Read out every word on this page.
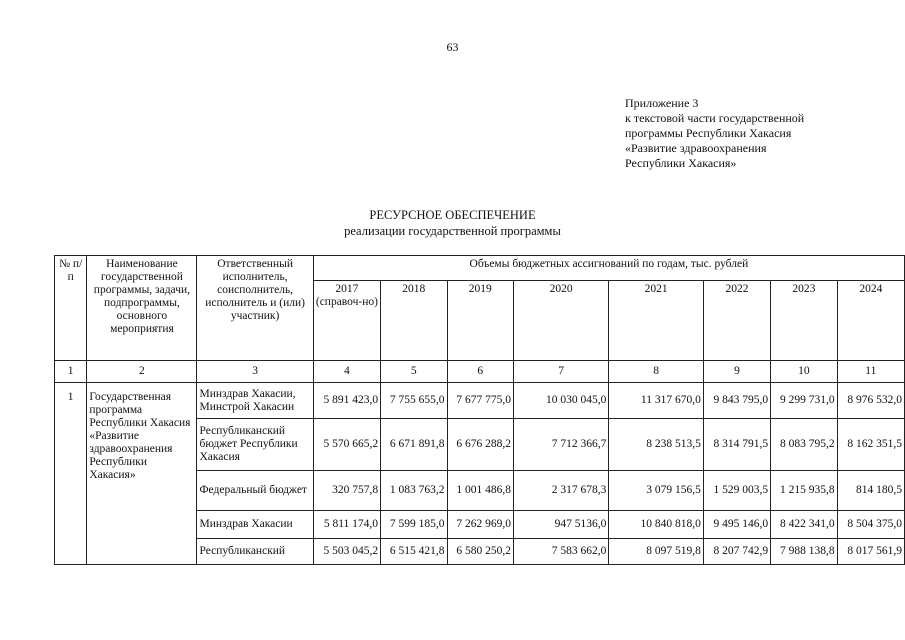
63
Приложение 3
к текстовой части государственной
программы Республики Хакасия
«Развитие здравоохранения
Республики Хакасия»
РЕСУРСНОЕ ОБЕСПЕЧЕНИЕ
реализации государственной программы
№ п/п	Наименование государственной программы, задачи, подпрограммы, основного мероприятия	Ответственный исполнитель, соисполнитель, исполнитель и (или) участник)	Объемы бюджетных ассигнований по годам, тыс. рублей							
			2017 (справоч-но)	2018	2019	2020	2021	2022	2023	2024
1	2	3	4	5	6	7	8	9	10	11
1	Государственная программа Республики Хакасия «Развитие здравоохранения Республики Хакасия»	Минздрав Хакасии, Минстрой Хакасии	5 891 423,0	7 755 655,0	7 677 775,0	10 030 045,0	11 317 670,0	9 843 795,0	9 299 731,0	8 976 532,0
		Республиканский бюджет Республики Хакасия	5 570 665,2	6 671 891,8	6 676 288,2	7 712 366,7	8 238 513,5	8 314 791,5	8 083 795,2	8 162 351,5
		Федеральный бюджет	320 757,8	1 083 763,2	1 001 486,8	2 317 678,3	3 079 156,5	1 529 003,5	1 215 935,8	814 180,5
		Минздрав Хакасии	5 811 174,0	7 599 185,0	7 262 969,0	947 5136,0	10 840 818,0	9 495 146,0	8 422 341,0	8 504 375,0
		Республиканский	5 503 045,2	6 515 421,8	6 580 250,2	7 583 662,0	8 097 519,8	8 207 742,9	7 988 138,8	8 017 561,9
